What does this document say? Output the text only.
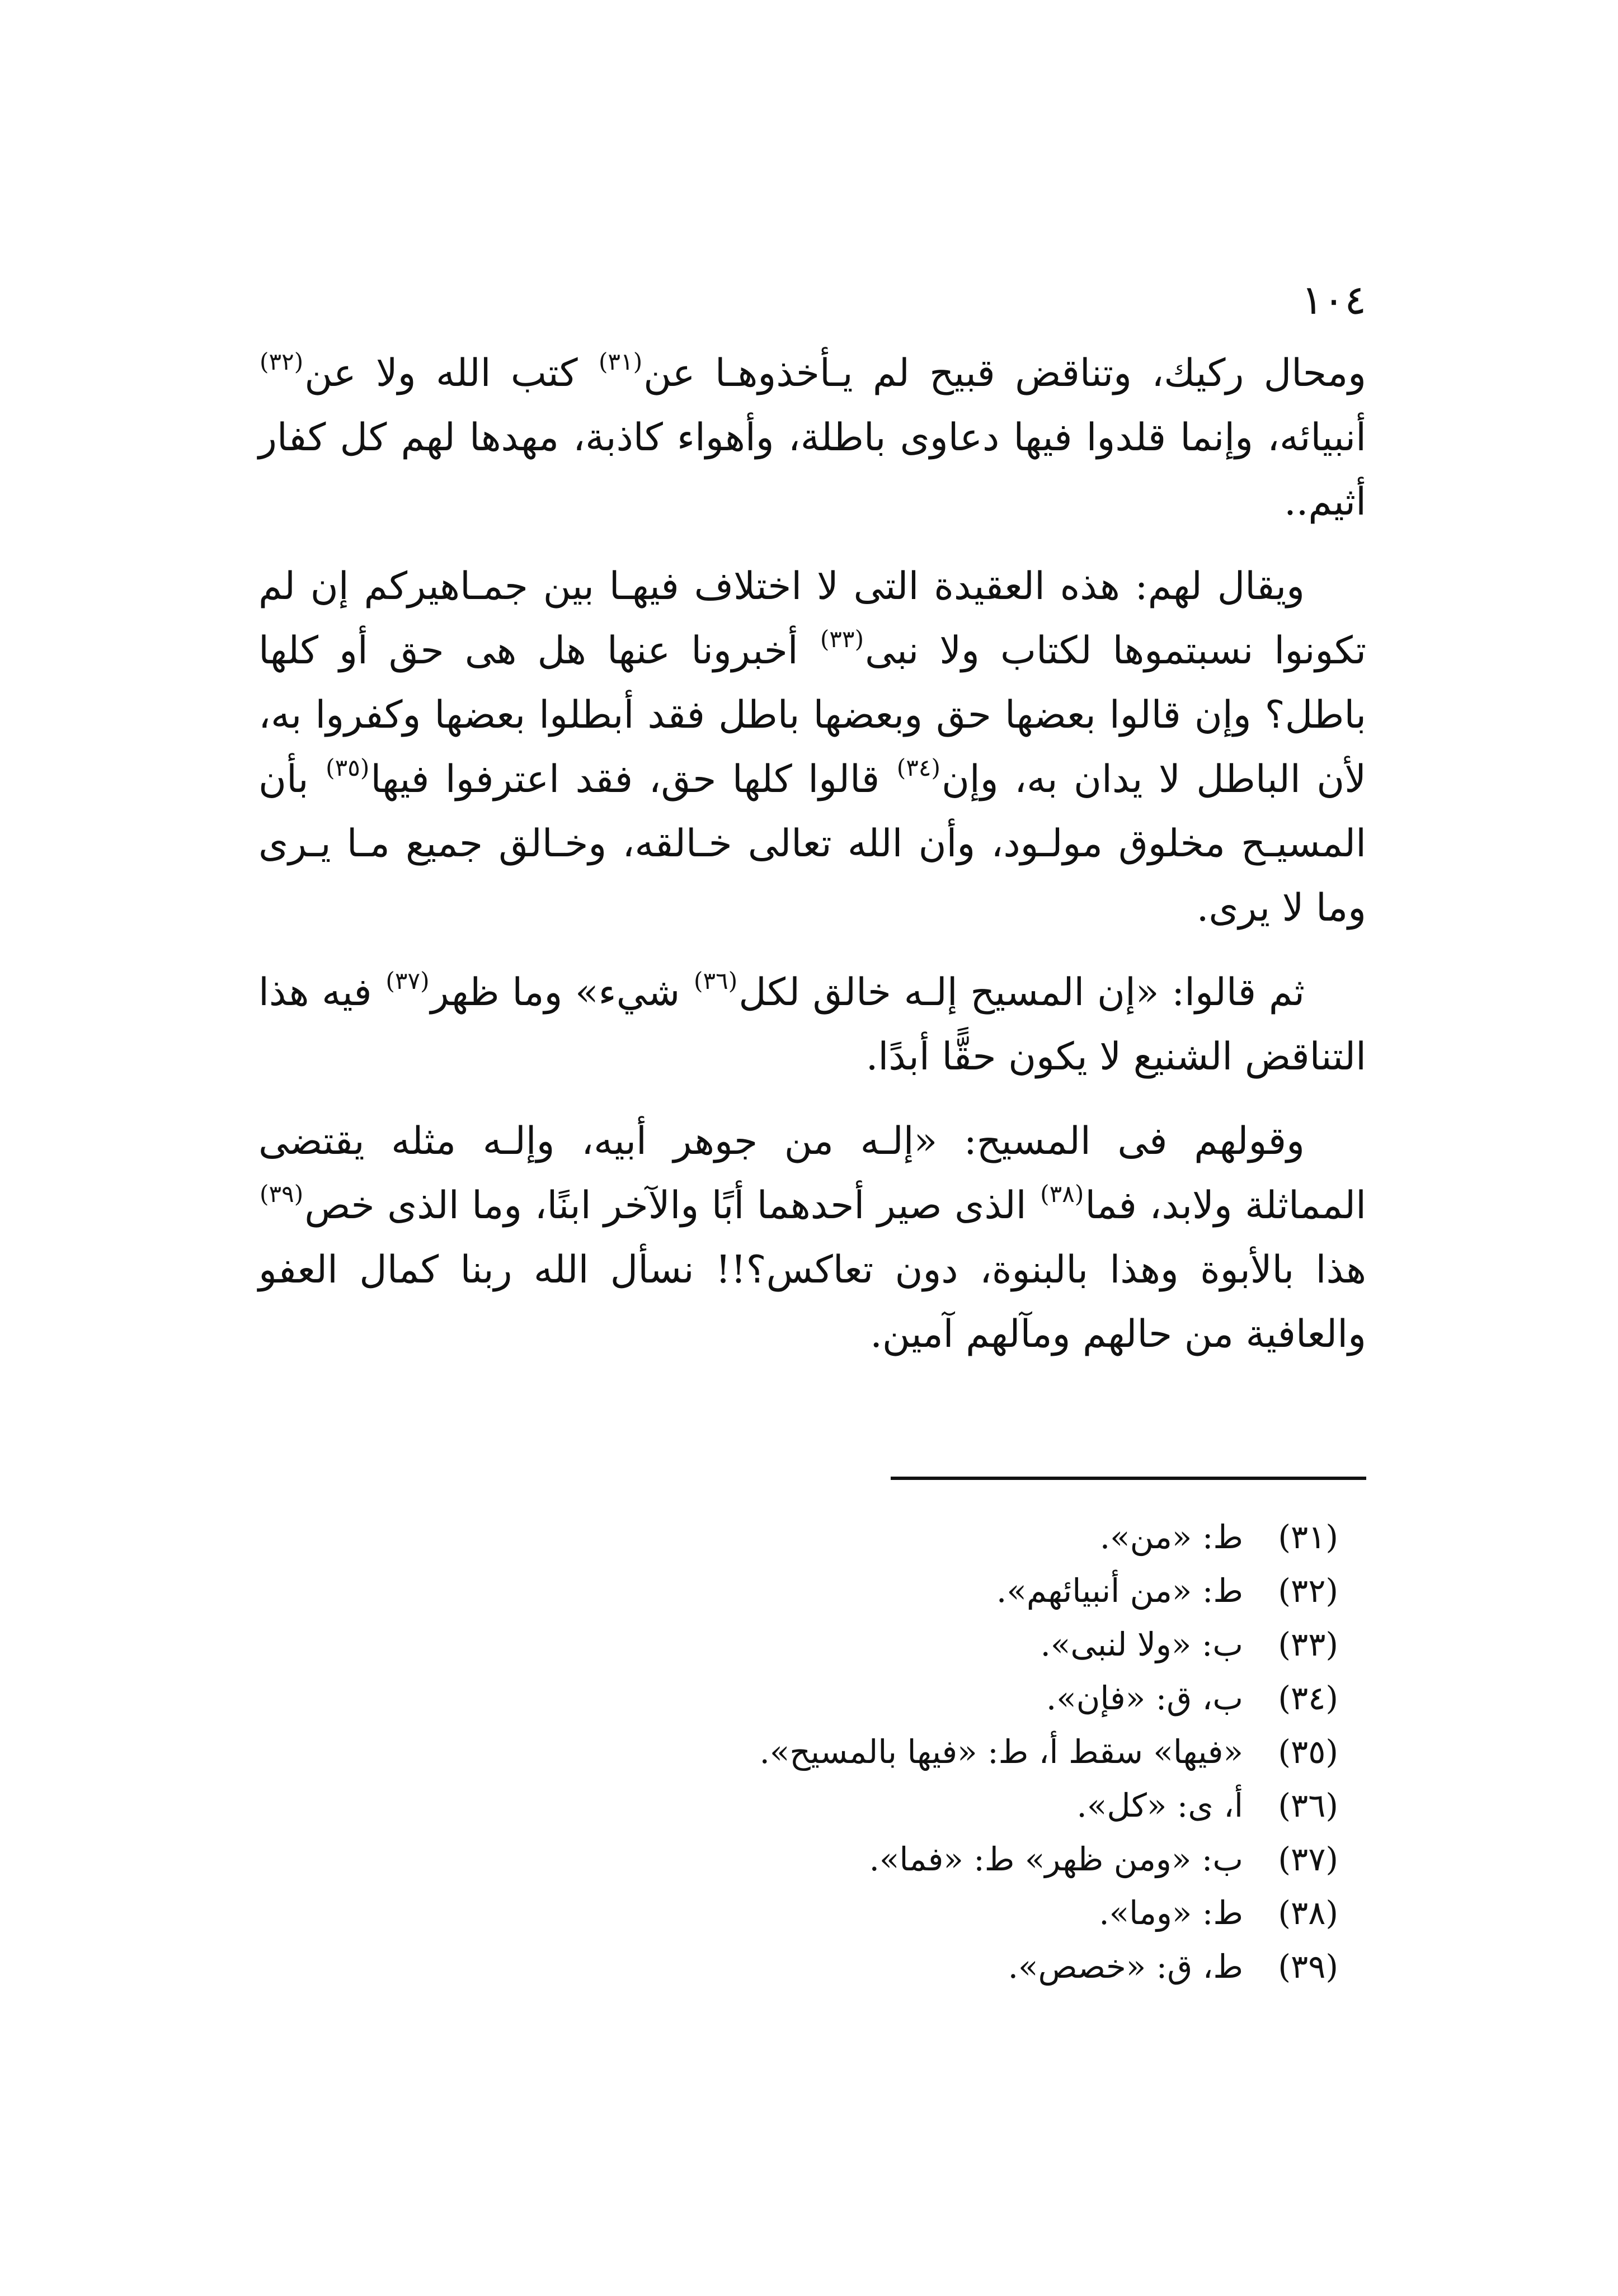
١٠٤

ومحال ركيك، وتناقض قبيح لم يـأخذوهـا عن$^{(٣١)}$ كتب الله ولا عن$^{(٣٢)}$ أنبيائه، وإنما قلدوا فيها دعاوى باطلة، وأهواء كاذبة، مهدها لهم كل كفار أثيم..

ويقال لهم: هذه العقيدة التى لا اختلاف فيهـا بين جمـاهيركم إن لم تكونوا نسبتموها لكتاب ولا نبى$^{(٣٣)}$ أخبرونا عنها هل هى حق أو كلها باطل؟ وإن قالوا بعضها حق وبعضها باطل فقد أبطلوا بعضها وكفروا به، لأن الباطل لا يدان به، وإن$^{(٣٤)}$ قالوا كلها حق، فقد اعترفوا فيها$^{(٣٥)}$ بأن المسيـح مخلوق مولـود، وأن الله تعالى خـالقه، وخـالق جميع مـا يـرى وما لا يرى.

ثم قالوا: «إن المسيح إلـه خالق لكل$^{(٣٦)}$ شيء» وما ظهر$^{(٣٧)}$ فيه هذا التناقض الشنيع لا يكون حقًّا أبدًا.

وقولهم فى المسيح: «إلـه من جوهر أبيه، وإلـه مثله يقتضى المماثلة ولابد، فما$^{(٣٨)}$ الذى صير أحدهما أبًا والآخر ابنًا، وما الذى خص$^{(٣٩)}$ هذا بالأبوة وهذا بالبنوة، دون تعاكس؟!! نسأل الله ربنا كمال العفو والعافية من حالهم ومآلهم آمين.

(٣١)ط: «من».
(٣٢)ط: «من أنبيائهم».
(٣٣)ب: «ولا لنبى».
(٣٤)ب، ق: «فإن».
(٣٥)«فيها» سقط أ، ط: «فيها بالمسيح».
(٣٦)أ، ى: «كل».
(٣٧)ب: «ومن ظهر» ط: «فما».
(٣٨)ط: «وما».
(٣٩)ط، ق: «خصص».
